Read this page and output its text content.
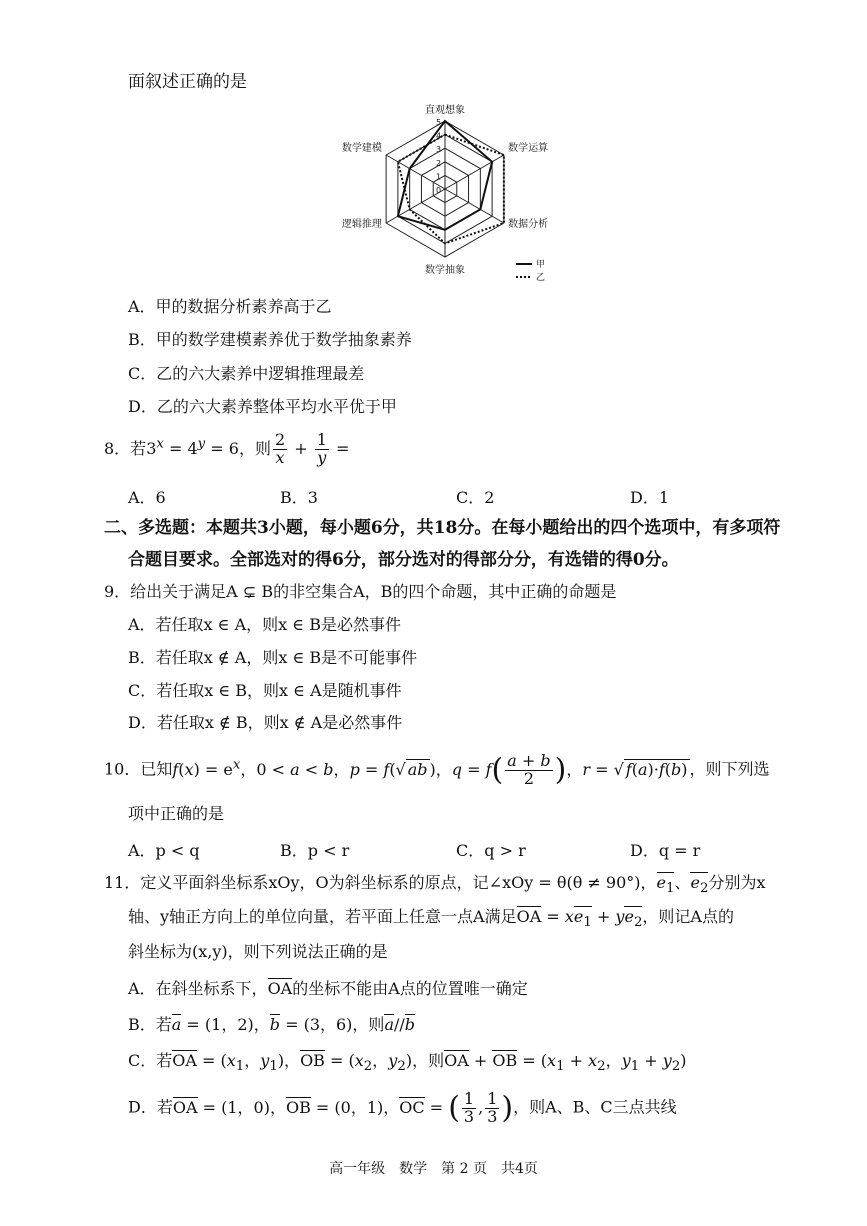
面叙述正确的是
5
4
3
2
1
0
直观想象
数学运算
数据分析
数学抽象
逻辑推理
数学建模
甲
乙
A．甲的数据分析素养高于乙
B．甲的数学建模素养优于数学抽象素养
C．乙的六大素养中逻辑推理最差
D．乙的六大素养整体平均水平优于甲
8．若$3^x = 4^y = 6$，则 $\frac{2}{x} + \frac{1}{y}$ =
A．6	B．3	C．2	D．1
二、多选题：本题共3小题，每小题6分，共18分。在每小题给出的四个选项中，有多项符
合题目要求。全部选对的得6分，部分选对的得部分分，有选错的得0分。
9．给出关于满足A ⊊ B的非空集合A，B的四个命题，其中正确的命题是
A．若任取x ∈ A，则x ∈ B是必然事件
B．若任取x ∉ A，则x ∈ B是不可能事件
C．若任取x ∈ B，则x ∈ A是随机事件
D．若任取x ∉ B，则x ∉ A是必然事件
10．已知$f(x) = e^x$，0 < a < b，p = f(√ ab )，$q = f( \frac{a + b}{2}$ )，r = √ f(a)·f(b) ，则下列选
项中正确的是
A．p < q	B．p < r	C．q > r	D．q = r
11．定义平面斜坐标系xOy，O为斜坐标系的原点，记∠xOy = θ(θ ≠ 90°)，$e_1$、$e_2$分别为x
轴、y轴正方向上的单位向量，若平面上任意一点A满足OA = $xe_1 + ye_2$，则记A点的
斜坐标为(x,y)，则下列说法正确的是
A．在斜坐标系下，OA的坐标不能由A点的位置唯一确定
B．若a = (1，2)，b = (3，6)，则a//b
C．若OA = ($x_1$，$y_1$)，OB = ($x_2$，$y_2$)，则OA + OB = ($x_1 + x_2$，$y_1 + y_2$)
D．若OA = (1，0)，OB = (0，1)，OC = ( $\frac{1}{3}$ , $\frac{1}{3}$ )，则A、B、C三点共线
高一年级　数学　第 2 页　共4页
